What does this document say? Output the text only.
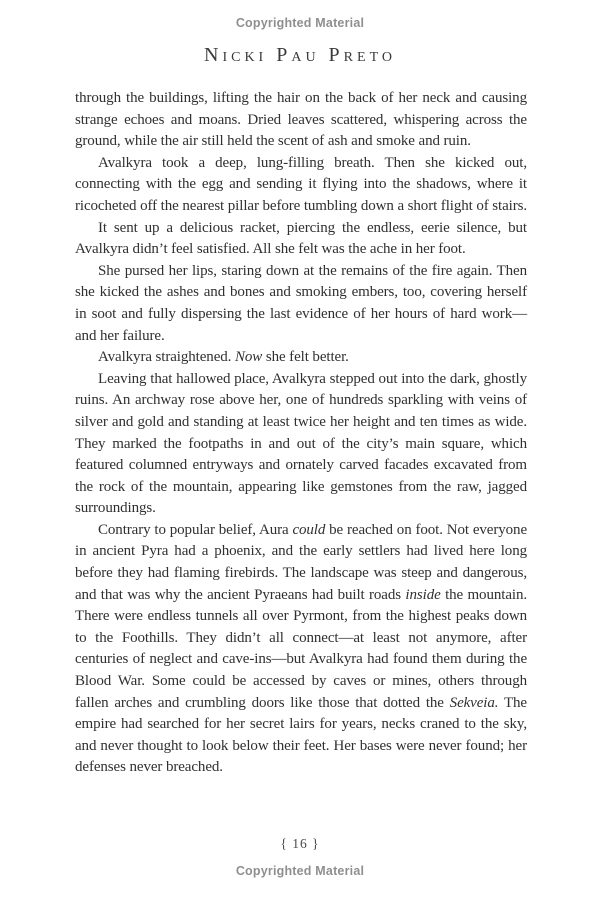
Copyrighted Material
Nicki Pau Preto

through the buildings, lifting the hair on the back of her neck and causing strange echoes and moans. Dried leaves scattered, whispering across the ground, while the air still held the scent of ash and smoke and ruin.

Avalkyra took a deep, lung-filling breath. Then she kicked out, connecting with the egg and sending it flying into the shadows, where it ricocheted off the nearest pillar before tumbling down a short flight of stairs.

It sent up a delicious racket, piercing the endless, eerie silence, but Avalkyra didn’t feel satisfied. All she felt was the ache in her foot.

She pursed her lips, staring down at the remains of the fire again. Then she kicked the ashes and bones and smoking embers, too, covering herself in soot and fully dispersing the last evidence of her hours of hard work—and her failure.

Avalkyra straightened. Now she felt better.

Leaving that hallowed place, Avalkyra stepped out into the dark, ghostly ruins. An archway rose above her, one of hundreds sparkling with veins of silver and gold and standing at least twice her height and ten times as wide. They marked the footpaths in and out of the city’s main square, which featured columned entryways and ornately carved facades excavated from the rock of the mountain, appearing like gemstones from the raw, jagged surroundings.

Contrary to popular belief, Aura could be reached on foot. Not everyone in ancient Pyra had a phoenix, and the early settlers had lived here long before they had flaming firebirds. The landscape was steep and dangerous, and that was why the ancient Pyraeans had built roads inside the mountain. There were endless tunnels all over Pyrmont, from the highest peaks down to the Foothills. They didn’t all connect—at least not anymore, after centuries of neglect and cave-ins—but Avalkyra had found them during the Blood War. Some could be accessed by caves or mines, others through fallen arches and crumbling doors like those that dotted the Sekveia. The empire had searched for her secret lairs for years, necks craned to the sky, and never thought to look below their feet. Her bases were never found; her defenses never breached.

{ 16 }
Copyrighted Material
